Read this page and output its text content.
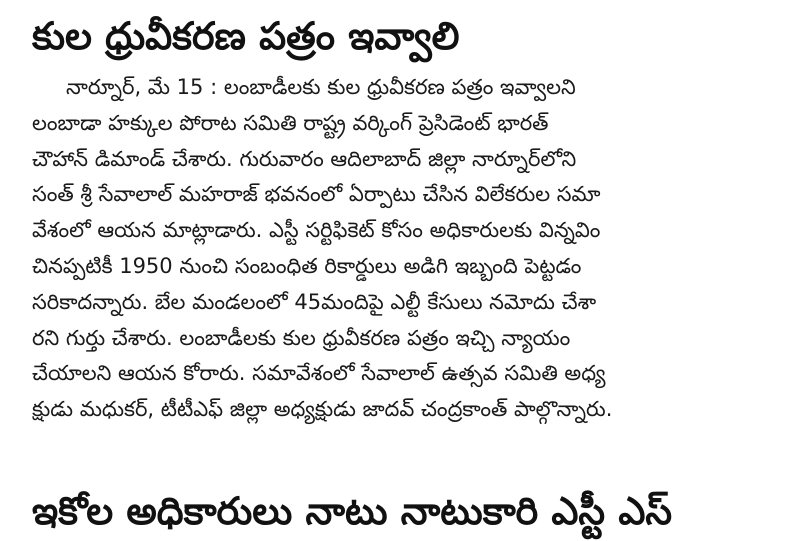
కుల ధ్రువీకరణ పత్రం ఇవ్వాలి
నార్నూర్, మే 15 : లంబాడీలకు కుల ధ్రువీకరణ పత్రం ఇవ్వాలని
లంబాడా హక్కుల పోరాట సమితి రాష్ట్ర వర్కింగ్ ప్రెసిడెంట్ భారత్
చౌహాన్ డిమాండ్ చేశారు. గురువారం ఆదిలాబాద్ జిల్లా నార్నూర్‌లోని
సంత్ శ్రీ సేవాలాల్ మహరాజ్ భవనంలో ఏర్పాటు చేసిన విలేకరుల సమా
వేశంలో ఆయన మాట్లాడారు. ఎస్టీ సర్టిఫికెట్ కోసం అధికారులకు విన్నవిం
చినప్పటికీ 1950 నుంచి సంబంధిత రికార్డులు అడిగి ఇబ్బంది పెట్టడం
సరికాదన్నారు. బేల మండలంలో 45మందిపై ఎల్టీ కేసులు నమోదు చేశా
రని గుర్తు చేశారు. లంబాడీలకు కుల ధ్రువీకరణ పత్రం ఇచ్చి న్యాయం
చేయాలని ఆయన కోరారు. సమావేశంలో సేవాలాల్ ఉత్సవ సమితి అధ్య
క్షుడు మధుకర్, టీటీఎఫ్ జిల్లా అధ్యక్షుడు జాదవ్ చంద్రకాంత్ పాల్గొన్నారు.
ఇకోల అధికారులు నాటు నాటుకారి ఎస్టీ ఎస్
